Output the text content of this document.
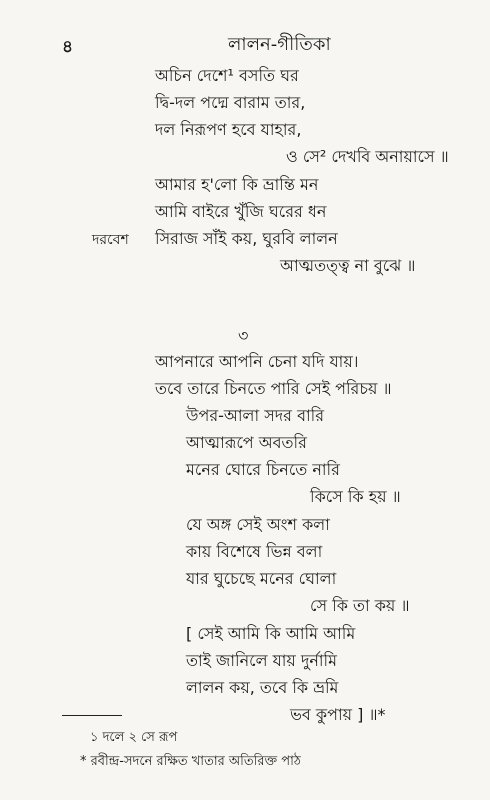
৪	লালন-গীতিকা
অচিন দেশে¹ বসতি ঘর
দ্বি-দল পদ্মে বারাম তার,
দল নিরূপণ হবে যাহার,
ও সে² দেখবি অনায়াসে ॥
আমার হ'লো কি ভ্রান্তি মন
আমি বাইরে খুঁজি ঘরের ধন
দরবেশ সিরাজ সাঁই কয়, ঘুরবি লালন
আত্মতত্ত্ব না বুঝে ॥
৩
আপনারে আপনি চেনা যদি যায়।
তবে তারে চিনতে পারি সেই পরিচয় ॥
উপর-আলা সদর বারি
আত্মারূপে অবতরি
মনের ঘোরে চিনতে নারি
কিসে কি হয় ॥
যে অঙ্গ সেই অংশ কলা
কায় বিশেষে ভিন্ন বলা
যার ঘুচেছে মনের ঘোলা
সে কি তা কয় ॥
[ সেই আমি কি আমি আমি
তাই জানিলে যায় দুর্নামি
লালন কয়, তবে কি ভ্রমি
ভব কুপায় ] ॥*
১ দলে ২ সে রূপ
* রবীন্দ্র-সদনে রক্ষিত খাতার অতিরিক্ত পাঠ
